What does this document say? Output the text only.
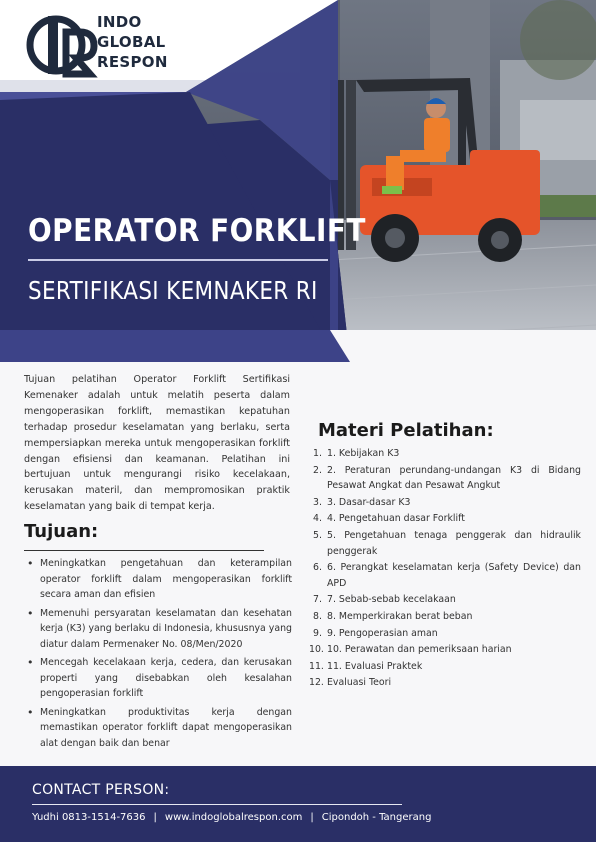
INDO
GLOBAL
RESPON
OPERATOR FORKLIFT
SERTIFIKASI KEMNAKER RI

Tujuan pelatihan Operator Forklift Sertifikasi Kemenaker adalah untuk melatih peserta dalam mengoperasikan forklift, memastikan kepatuhan terhadap prosedur keselamatan yang berlaku, serta mempersiapkan mereka untuk mengoperasikan forklift dengan efisiensi dan keamanan. Pelatihan ini bertujuan untuk mengurangi risiko kecelakaan, kerusakan materil, dan mempromosikan praktik keselamatan yang baik di tempat kerja.

Tujuan:
• Meningkatkan pengetahuan dan keterampilan operator forklift dalam mengoperasikan forklift secara aman dan efisien
• Memenuhi persyaratan keselamatan dan kesehatan kerja (K3) yang berlaku di Indonesia, khususnya yang diatur dalam Permenaker No. 08/Men/2020
• Mencegah kecelakaan kerja, cedera, dan kerusakan properti yang disebabkan oleh kesalahan pengoperasian forklift
• Meningkatkan produktivitas kerja dengan memastikan operator forklift dapat mengoperasikan alat dengan baik dan benar
Materi Pelatihan:
1. 1. Kebijakan K3
2. 2. Peraturan perundang-undangan K3 di Bidang Pesawat Angkat dan Pesawat Angkut
3. 3. Dasar-dasar K3
4. 4. Pengetahuan dasar Forklift
5. 5. Pengetahuan tenaga penggerak dan hidraulik penggerak
6. 6. Perangkat keselamatan kerja (Safety Device) dan APD
7. 7. Sebab-sebab kecelakaan
8. 8. Memperkirakan berat beban
9. 9. Pengoperasian aman
10. 10. Perawatan dan pemeriksaan harian
11. 11. Evaluasi Praktek
12. Evaluasi Teori
CONTACT PERSON:
Yudhi 0813-1514-7636 | www.indoglobalrespon.com | Cipondoh - Tangerang
